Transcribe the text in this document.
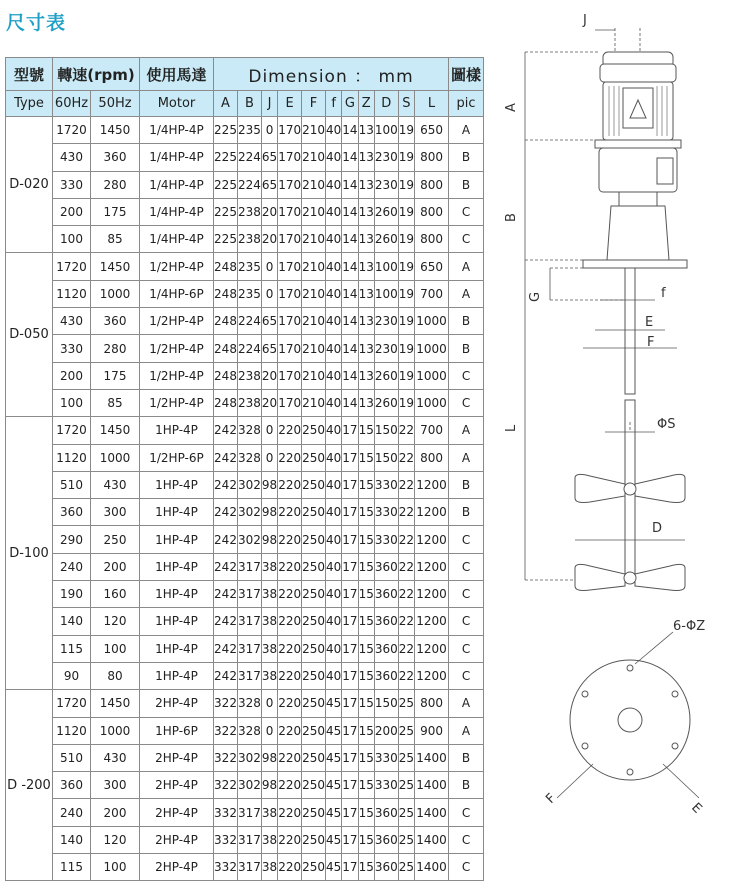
尺寸表
型號	轉速(rpm)		使用馬達	Dimension ： mm											圖樣
Type	60Hz	50Hz	Motor	A	B	J	E	F	f	G	Z	D	S	L	pic
D-020	1720	1450	1/4HP-4P	225	235	0	170	210	40	14	13	100	19	650	A
	430	360	1/4HP-4P	225	224	65	170	210	40	14	13	230	19	800	B
	330	280	1/4HP-4P	225	224	65	170	210	40	14	13	230	19	800	B
	200	175	1/4HP-4P	225	238	20	170	210	40	14	13	260	19	800	C
	100	85	1/4HP-4P	225	238	20	170	210	40	14	13	260	19	800	C
D-050	1720	1450	1/2HP-4P	248	235	0	170	210	40	14	13	100	19	650	A
	1120	1000	1/4HP-6P	248	235	0	170	210	40	14	13	100	19	700	A
	430	360	1/2HP-4P	248	224	65	170	210	40	14	13	230	19	1000	B
	330	280	1/2HP-4P	248	224	65	170	210	40	14	13	230	19	1000	B
	200	175	1/2HP-4P	248	238	20	170	210	40	14	13	260	19	1000	C
	100	85	1/2HP-4P	248	238	20	170	210	40	14	13	260	19	1000	C
D-100	1720	1450	1HP-4P	242	328	0	220	250	40	17	15	150	22	700	A
	1120	1000	1/2HP-6P	242	328	0	220	250	40	17	15	150	22	800	A
	510	430	1HP-4P	242	302	98	220	250	40	17	15	330	22	1200	B
	360	300	1HP-4P	242	302	98	220	250	40	17	15	330	22	1200	B
	290	250	1HP-4P	242	302	98	220	250	40	17	15	330	22	1200	C
	240	200	1HP-4P	242	317	38	220	250	40	17	15	360	22	1200	C
	190	160	1HP-4P	242	317	38	220	250	40	17	15	360	22	1200	C
	140	120	1HP-4P	242	317	38	220	250	40	17	15	360	22	1200	C
	115	100	1HP-4P	242	317	38	220	250	40	17	15	360	22	1200	C
	90	80	1HP-4P	242	317	38	220	250	40	17	15	360	22	1200	C
D -200	1720	1450	2HP-4P	322	328	0	220	250	45	17	15	150	25	800	A
	1120	1000	1HP-6P	322	328	0	220	250	45	17	15	200	25	900	A
	510	430	2HP-4P	322	302	98	220	250	45	17	15	330	25	1400	B
	360	300	2HP-4P	322	302	98	220	250	45	17	15	330	25	1400	B
	240	200	2HP-4P	332	317	38	220	250	45	17	15	360	25	1400	C
	140	120	2HP-4P	332	317	38	220	250	45	17	15	360	25	1400	C
	115	100	2HP-4P	332	317	38	220	250	45	17	15	360	25	1400	C
J
A
B
G	f
E
F
L	ΦS
D
6-ΦZ
F
E
